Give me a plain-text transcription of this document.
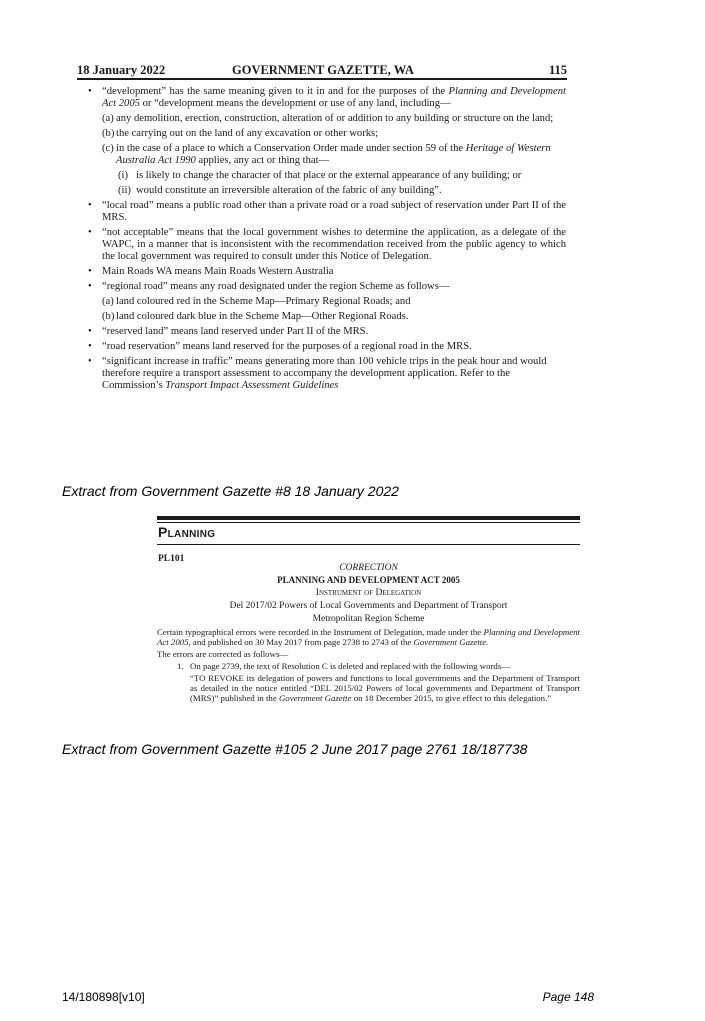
18 January 2022	GOVERNMENT GAZETTE, WA	115

• “development” has the same meaning given to it in and for the purposes of the Planning and Development Act 2005 or “development means the development or use of any land, including—

(a) any demolition, erection, construction, alteration of or addition to any building or structure on the land;

(b) the carrying out on the land of any excavation or other works;

(c) in the case of a place to which a Conservation Order made under section 59 of the Heritage of Western Australia Act 1990 applies, any act or thing that—

(i) is likely to change the character of that place or the external appearance of any building; or

(ii) would constitute an irreversible alteration of the fabric of any building”.

• “local road” means a public road other than a private road or a road subject of reservation under Part II of the MRS.

• “not acceptable” means that the local government wishes to determine the application, as a delegate of the WAPC, in a manner that is inconsistent with the recommendation received from the public agency to which the local government was required to consult under this Notice of Delegation.

• Main Roads WA means Main Roads Western Australia

• “regional road” means any road designated under the region Scheme as follows—

(a) land coloured red in the Scheme Map—Primary Regional Roads; and

(b) land coloured dark blue in the Scheme Map—Other Regional Roads.

• “reserved land” means land reserved under Part II of the MRS.

• “road reservation” means land reserved for the purposes of a regional road in the MRS.

• “significant increase in traffic” means generating more than 100 vehicle trips in the peak hour and would therefore require a transport assessment to accompany the development application. Refer to the Commission’s Transport Impact Assessment Guidelines

Extract from Government Gazette #8 18 January 2022
Planning
PL101
CORRECTION
PLANNING AND DEVELOPMENT ACT 2005
Instrument of Delegation
Del 2017/02 Powers of Local Governments and Department of Transport
Metropolitan Region Scheme

Certain typographical errors were recorded in the Instrument of Delegation, made under the Planning and Development Act 2005, and published on 30 May 2017 from page 2738 to 2743 of the Government Gazette.

The errors are corrected as follows—

1. On page 2739, the text of Resolution C is deleted and replaced with the following words—

“TO REVOKE its delegation of powers and functions to local governments and the Department of Transport as detailed in the notice entitled “DEL 2015/02 Powers of local governments and Department of Transport (MRS)” published in the Government Gazette on 18 December 2015, to give effect to this delegation.”

Extract from Government Gazette #105 2 June 2017 page 2761 18/187738
14/180898[v10]	Page 148
